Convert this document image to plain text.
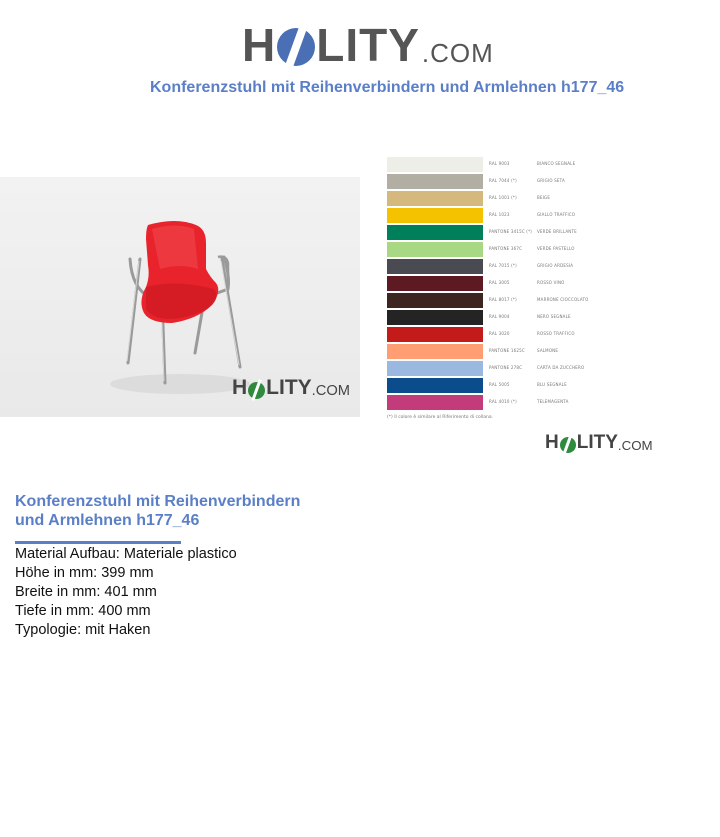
H LITY .COM
Konferenzstuhl mit Reihenverbindern und Armlehnen h177_46
H LITY .COM
(*) Il colore è similare al Riferimento di collana.
RAL 9003	BIANCO SEGNALE
RAL 7044 (*)	GRIGIO SETA
RAL 1001 (*)	BEIGE
RAL 1023	GIALLO TRAFFICO
PANTONE 3415C (*) VERDE BRILLANTE
PANTONE 367C	VERDE PASTELLO
RAL 7015 (*)	GRIGIO ARDESIA
RAL 3005	ROSSO VINO
RAL 8017 (*)	MARRONE CIOCCOLATO
RAL 9004	NERO SEGNALE
RAL 3020	ROSSO TRAFFICO
PANTONE 1625C	SALMONE
PANTONE 278C	CARTA DA ZUCCHERO
RAL 5005	BLU SEGNALE
RAL 4010 (*)	TELEMAGENTA
H LITY .COM
Konferenzstuhl mit Reihenverbindern
und Armlehnen h177_46
Material Aufbau: Materiale plastico
Höhe in mm: 399 mm
Breite in mm: 401 mm
Tiefe in mm: 400 mm
Typologie: mit Haken
